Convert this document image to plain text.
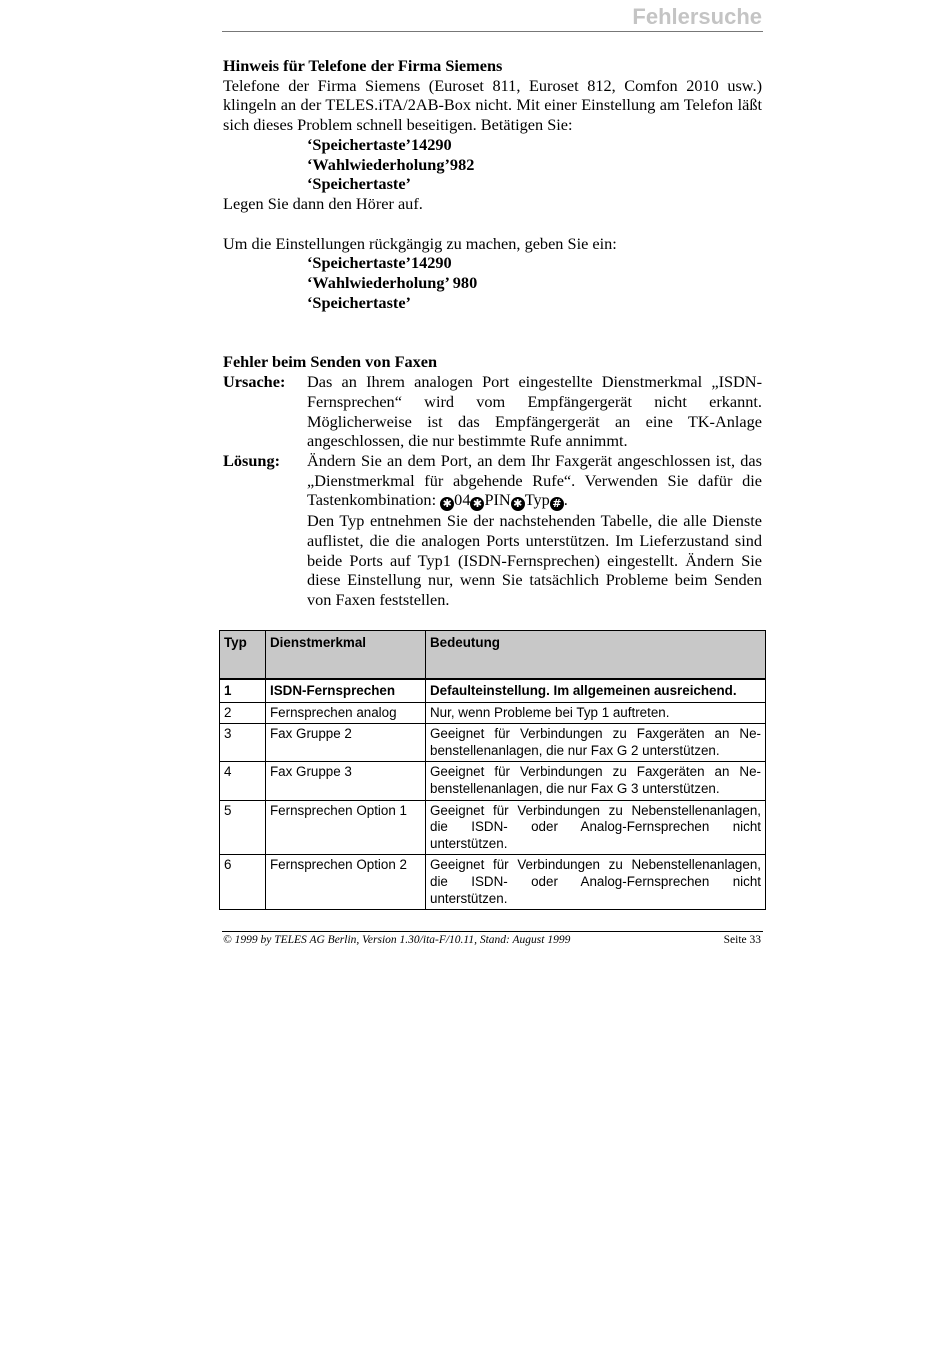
Fehlersuche

Hinweis für Telefone der Firma Siemens

Telefone der Firma Siemens (Euroset 811, Euroset 812, Comfon 2010 usw.) klingeln an der TELES.iTA/2AB-Box nicht. Mit einer Einstellung am Telefon läßt sich dieses Problem schnell beseitigen. Betätigen Sie:

‘Speichertaste’14290

‘Wahlwiederholung’982

‘Speichertaste’

Legen Sie dann den Hörer auf.

Um die Einstellungen rückgängig zu machen, geben Sie ein:

‘Speichertaste’14290

‘Wahlwiederholung’ 980

‘Speichertaste’

Fehler beim Senden von Faxen

Ursache:	Das an Ihrem analogen Port eingestellte Dienstmerkmal „ISDN-Fernsprechen“ wird vom Empfängergerät nicht erkannt. Möglicherweise ist das Empfängergerät an eine TK-Anlage angeschlossen, die nur bestimmte Rufe annimmt.
Lösung:	Ändern Sie an dem Port, an dem Ihr Faxgerät angeschlossen ist, das „Dienstmerkmal für abgehende Rufe“. Verwenden Sie dafür die Tastenkombination: ✱ 04 ✱ PIN ✱ Typ # .
Den Typ entnehmen Sie der nachstehenden Tabelle, die alle Dienste auflistet, die die analogen Ports unterstützen. Im Lieferzustand sind beide Ports auf Typ1 (ISDN-Fernsprechen) eingestellt. Ändern Sie diese Einstellung nur, wenn Sie tatsächlich Probleme beim Senden von Faxen feststellen.
Typ	Dienstmerkmal	Bedeutung

1	ISDN-Fernsprechen	Defaulteinstellung. Im allgemeinen ausreichend.
2	Fernsprechen analog	Nur, wenn Probleme bei Typ 1 auftreten.
3	Fax Gruppe 2	Geeignet für Verbindungen zu Faxgeräten an Ne-benstellenanlagen, die nur Fax G 2 unterstützen.
4	Fax Gruppe 3	Geeignet für Verbindungen zu Faxgeräten an Ne-benstellenanlagen, die nur Fax G 3 unterstützen.
5	Fernsprechen Option 1	Geeignet für Verbindungen zu Nebenstellenanlagen, die ISDN- oder Analog-Fernsprechen nicht unterstützen.
6	Fernsprechen Option 2	Geeignet für Verbindungen zu Nebenstellenanlagen, die ISDN- oder Analog-Fernsprechen nicht unterstützen.
© 1999 by TELES AG Berlin, Version 1.30/ita-F/10.11, Stand: August 1999	Seite 33
